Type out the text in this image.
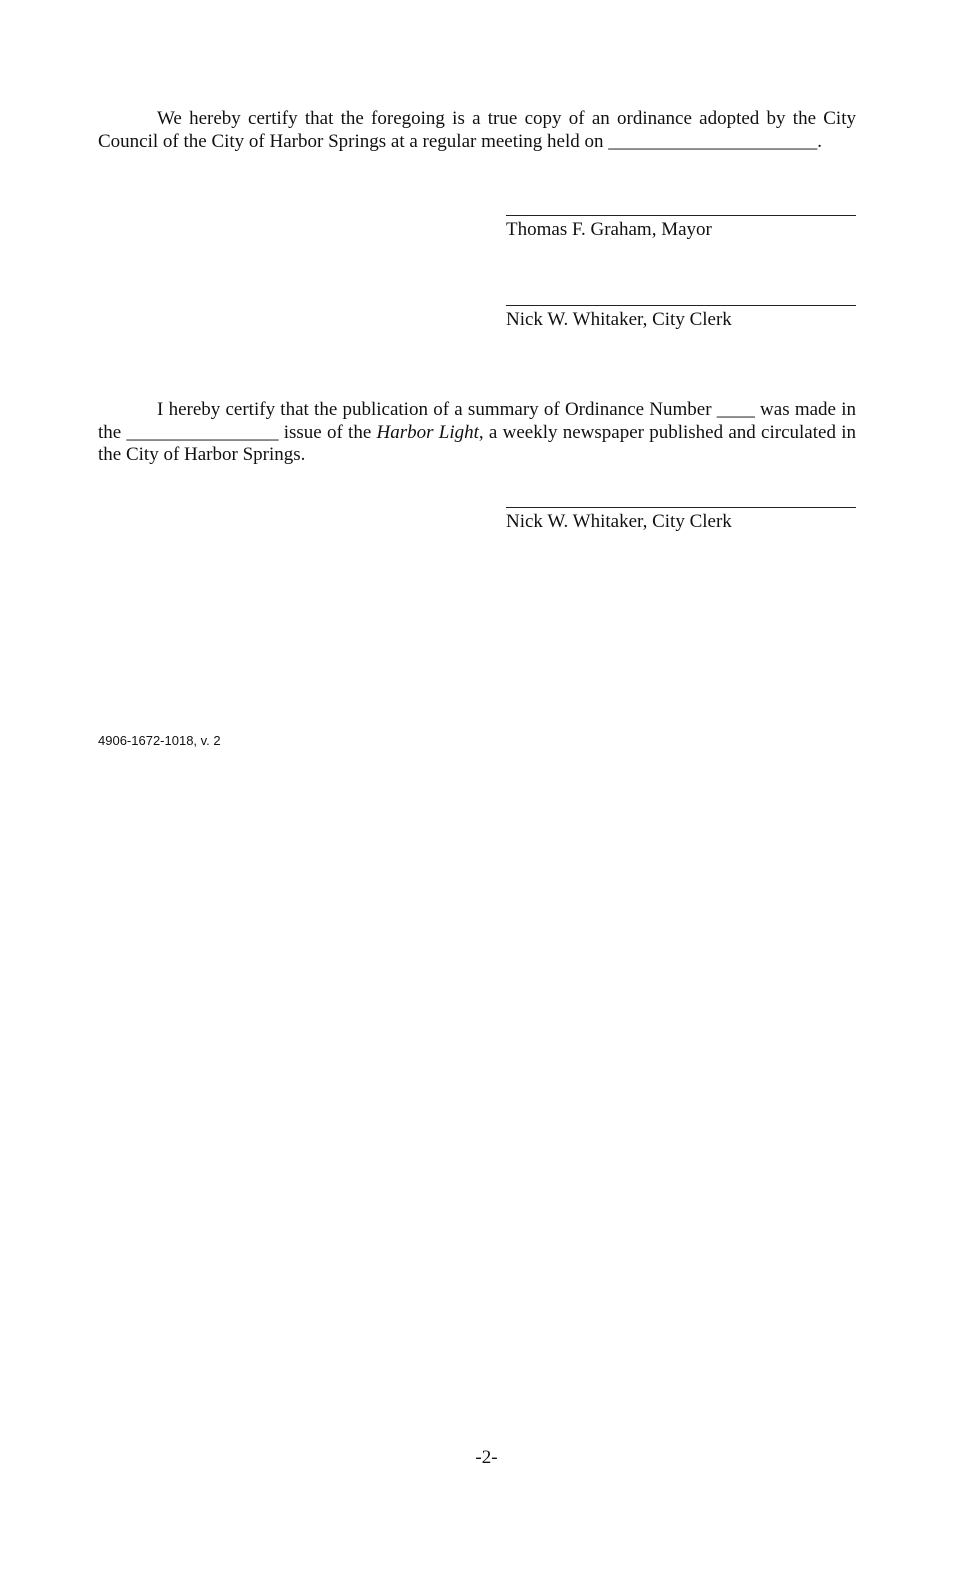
We hereby certify that the foregoing is a true copy of an ordinance adopted by the City Council of the City of Harbor Springs at a regular meeting held on ______________________.

Thomas F. Graham, Mayor
Nick W. Whitaker, City Clerk

I hereby certify that the publication of a summary of Ordinance Number ____ was made in the ________________ issue of the Harbor Light, a weekly newspaper published and circulated in the City of Harbor Springs.

Nick W. Whitaker, City Clerk
4906-1672-1018, v. 2
-2-
